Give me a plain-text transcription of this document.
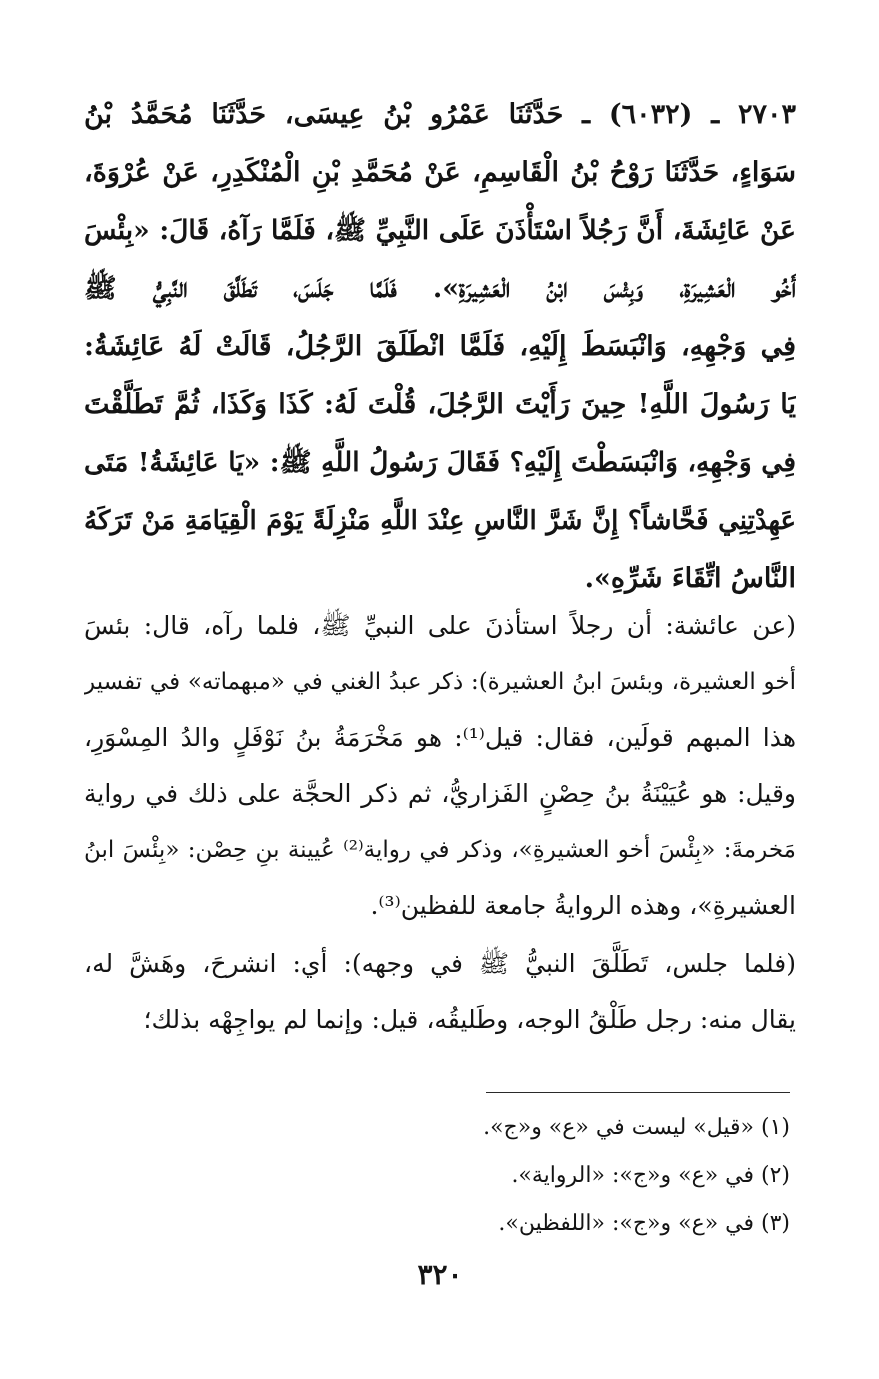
٢٧٠٣ ـ (٦٠٣٢) ـ حَدَّثَنَا عَمْرُو بْنُ عِيسَى، حَدَّثَنَا مُحَمَّدُ بْنُ
سَوَاءٍ، حَدَّثَنَا رَوْحُ بْنُ الْقَاسِمِ، عَنْ مُحَمَّدِ بْنِ الْمُنْكَدِرِ، عَنْ عُرْوَةَ،
عَنْ عَائِشَةَ، أَنَّ رَجُلاً اسْتَأْذَنَ عَلَى النَّبِيِّ ﷺ، فَلَمَّا رَآهُ، قَالَ: «بِئْسَ
أَخُو الْعَشِيرَةِ، وَبِئْسَ ابْنُ الْعَشِيرَةِ». فَلَمَّا جَلَسَ، تَطَلَّقَ النَّبِيُّ ﷺ
فِي وَجْهِهِ، وَانْبَسَطَ إِلَيْهِ، فَلَمَّا انْطَلَقَ الرَّجُلُ، قَالَتْ لَهُ عَائِشَةُ:
يَا رَسُولَ اللَّهِ! حِينَ رَأَيْتَ الرَّجُلَ، قُلْتَ لَهُ: كَذَا وَكَذَا، ثُمَّ تَطَلَّقْتَ
فِي وَجْهِهِ، وَانْبَسَطْتَ إِلَيْهِ؟ فَقَالَ رَسُولُ اللَّهِ ﷺ: «يَا عَائِشَةُ! مَتَى
عَهِدْتِنِي فَحَّاشاً؟ إِنَّ شَرَّ النَّاسِ عِنْدَ اللَّهِ مَنْزِلَةً يَوْمَ الْقِيَامَةِ مَنْ تَرَكَهُ
النَّاسُ اتِّقَاءَ شَرِّهِ».
(عن عائشة: أن رجلاً استأذنَ على النبيِّ ﷺ، فلما رآه، قال: بئسَ
أخو العشيرة، وبئسَ ابنُ العشيرة): ذكر عبدُ الغني في «مبهماته» في تفسير
هذا المبهم قولَين، فقال: قيل⁽¹⁾: هو مَخْرَمَةُ بنُ نَوْفَلٍ والدُ المِسْوَرِ،
وقيل: هو عُيَيْنَةُ بنُ حِصْنٍ الفَزاريُّ، ثم ذكر الحجَّة على ذلك في رواية
مَخرمةَ: «بِئْسَ أخو العشيرةِ»، وذكر في رواية⁽²⁾ عُيينة بنِ حِصْن: «بِئْسَ ابنُ
العشيرةِ»، وهذه الروايةُ جامعة للفظين⁽³⁾.
(فلما جلس، تَطَلَّقَ النبيُّ ﷺ في وجهه): أي: انشرحَ، وهَشَّ له،
يقال منه: رجل طَلْقُ الوجه، وطَليقُه، قيل: وإنما لم يواجِهْه بذلك؛
(١) «قيل» ليست في «ع» و«ج».
(٢) في «ع» و«ج»: «الرواية».
(٣) في «ع» و«ج»: «اللفظين».
٣٢٠
